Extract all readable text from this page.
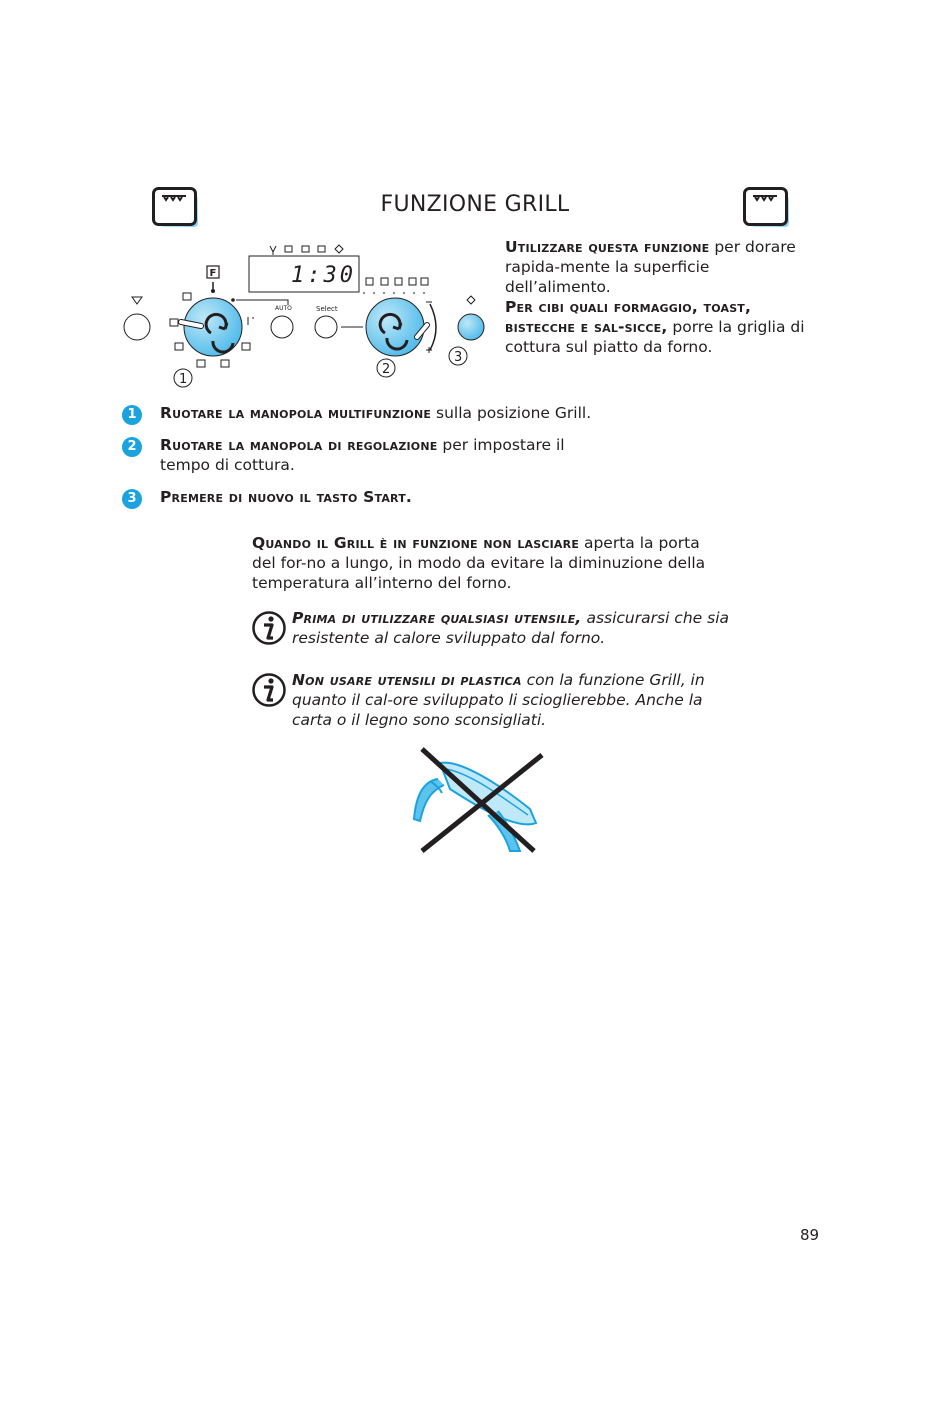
FUNZIONE GRILL
1:30
F
AUTO	Select
1
2
3
Utilizzare questa funzione per dorare rapida-mente la superficie dell’alimento.
Per cibi quali formaggio, toast, bistecche e sal-sicce, porre la griglia di cottura sul piatto da forno.
1	Ruotare la manopola multifunzione sulla posizione Grill.
2	Ruotare la manopola di regolazione per impostare il tempo di cottura.
3	Premere di nuovo il tasto Start.
Quando il Grill è in funzione non lasciare aperta la porta del for-no a lungo, in modo da evitare la diminuzione della temperatura all’interno del forno.
Prima di utilizzare qualsiasi utensile, assicurarsi che sia resistente al calore sviluppato dal forno.
Non usare utensili di plastica con la funzione Grill, in quanto il cal-ore sviluppato li scioglierebbe. Anche la carta o il legno sono sconsigliati.
89
